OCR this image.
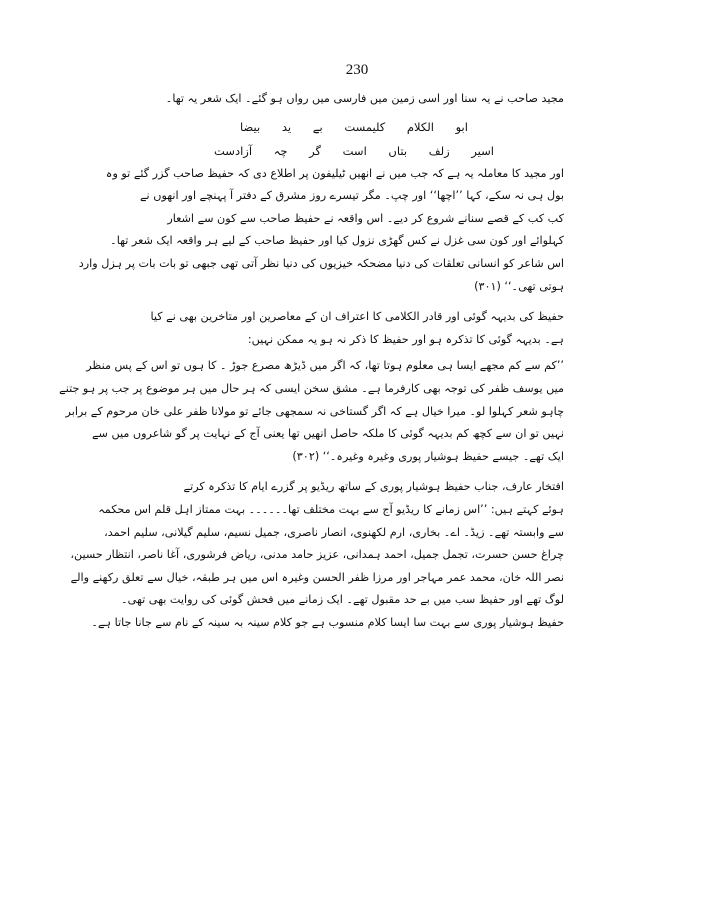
230
مجید صاحب نے یہ سنا اور اسی زمین میں فارسی میں رواں ہو گئے۔ ایک شعر یہ تھا۔
ابو الکلام کلیمست بے ید بیضا
اسیر زلف بتاں است گر چہ آزادست
اور مجید کا معاملہ یہ ہے کہ جب میں نے انھیں ٹیلیفون پر اطلاع دی کہ حفیظ صاحب گزر گئے تو وہ
بول ہی نہ سکے، کہا ’’اچھا‘‘ اور چپ۔ مگر تیسرے روز مشرق کے دفتر آ پہنچے اور انھوں نے
کب کب کے قصے سنانے شروع کر دیے۔ اس واقعہ نے حفیظ صاحب سے کون سے اشعار
کہلوائے اور کون سی غزل نے کس گھڑی نزول کیا اور حفیظ صاحب کے لیے ہر واقعہ ایک شعر تھا۔
اس شاعر کو انسانی تعلقات کی دنیا مضحکہ خیزیوں کی دنیا نظر آتی تھی جبھی تو بات بات پر ہزل وارد
ہوتی تھی۔‘‘ (۳۰۱)
حفیظ کی بدیہہ گوئی اور قادر الکلامی کا اعتراف ان کے معاصرین اور متاخرین بھی نے کیا
ہے۔ بدیہہ گوئی کا تذکرہ ہو اور حفیظ کا ذکر نہ ہو یہ ممکن نہیں:
’’کم سے کم مجھے ایسا ہی معلوم ہوتا تھا، کہ اگر میں ڈیڑھ مصرع جوڑ ۔ کا ہوں تو اس کے پس منظر
میں یوسف ظفر کی توجہ بھی کارفرما ہے۔ مشق سخن ایسی کہ ہر حال میں ہر موضوع پر جب پر ہو جتنے
چاہو شعر کہلوا لو۔ میرا خیال ہے کہ اگر گستاخی نہ سمجھی جائے تو مولانا ظفر علی خان مرحوم کے برابر
نہیں تو ان سے کچھ کم بدیہہ گوئی کا ملکہ حاصل انھیں تھا یعنی آج کے نہایت پر گو شاعروں میں سے
ایک تھے۔ جیسے حفیظ ہوشیار پوری وغیرہ وغیرہ۔‘‘ (۳۰۲)
افتخار عارف، جناب حفیظ ہوشیار پوری کے ساتھ ریڈیو پر گزرے ایام کا تذکرہ کرتے
ہوئے کہتے ہیں: ’’اس زمانے کا ریڈیو آج سے بہت مختلف تھا۔۔۔۔۔۔ بہت ممتاز اہل قلم اس محکمہ
سے وابستہ تھے۔ زیڈ۔ اے۔ بخاری، ارم لکھنوی، انصار ناصری، جمیل نسیم، سلیم گیلانی، سلیم احمد،
چراغ حسن حسرت، تجمل جمیل، احمد ہمدانی، عزیز حامد مدنی، ریاض فرشوری، آغا ناصر، انتظار حسین،
نصر اللہ خان، محمد عمر مہاجر اور مرزا ظفر الحسن وغیرہ اس میں ہر طبقہ، خیال سے تعلق رکھنے والے
لوگ تھے اور حفیظ سب میں بے حد مقبول تھے۔ ایک زمانے میں فحش گوئی کی روایت بھی تھی۔
حفیظ ہوشیار پوری سے بہت سا ایسا کلام منسوب ہے جو کلام سینہ بہ سینہ کے نام سے جانا جاتا ہے۔
